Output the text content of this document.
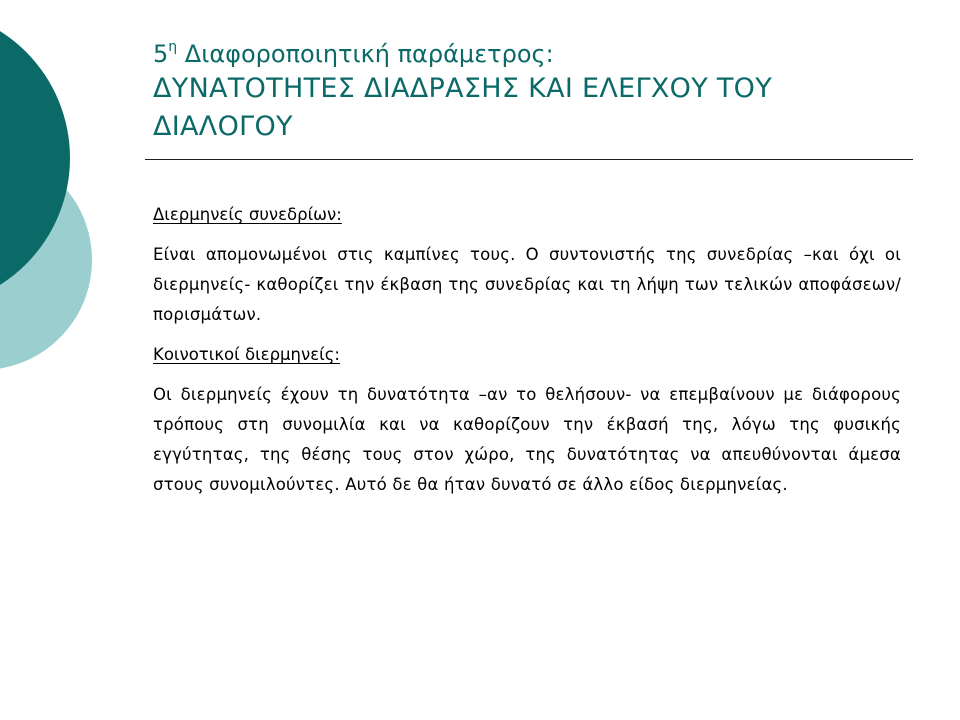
$5^\eta$ Διαφοροποιητική παράμετρος:
ΔΥΝΑΤΟΤΗΤΕΣ ΔΙΑΔΡΑΣΗΣ ΚΑΙ ΕΛΕΓΧΟΥ ΤΟΥ ΔΙΑΛΟΓΟΥ

Διερμηνείς συνεδρίων:

Είναι απομονωμένοι στις καμπίνες τους. Ο συντονιστής της συνεδρίας –και όχι οι διερμηνείς- καθορίζει την έκβαση της συνεδρίας και τη λήψη των τελικών αποφάσεων/πορισμάτων.

Κοινοτικοί διερμηνείς:

Οι διερμηνείς έχουν τη δυνατότητα –αν το θελήσουν- να επεμβαίνουν με διάφορους τρόπους στη συνομιλία και να καθορίζουν την έκβασή της, λόγω της φυσικής εγγύτητας, της θέσης τους στον χώρο, της δυνατότητας να απευθύνονται άμεσα στους συνομιλούντες. Αυτό δε θα ήταν δυνατό σε άλλο είδος διερμηνείας.
